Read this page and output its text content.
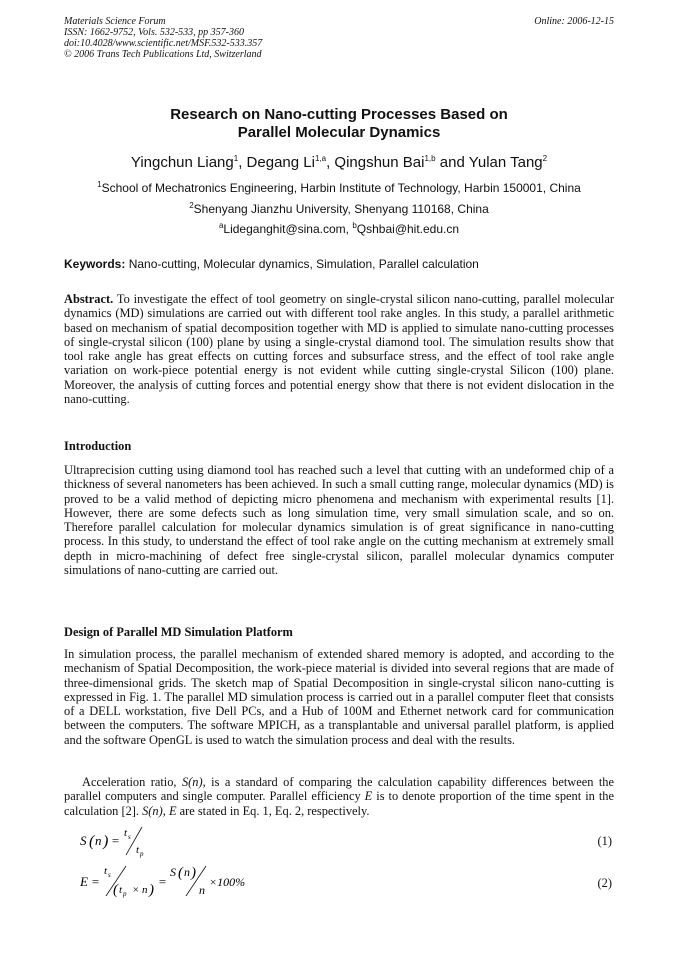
Materials Science Forum
ISSN: 1662-9752, Vols. 532-533, pp 357-360
doi:10.4028/www.scientific.net/MSF.532-533.357
© 2006 Trans Tech Publications Ltd, Switzerland
Online: 2006-12-15
Research on Nano-cutting Processes Based on
Parallel Molecular Dynamics
Yingchun Liang$^1$, Degang Li$^{1,a}$, Qingshun Bai$^{1,b}$ and Yulan Tang$^2$
$^1$School of Mechatronics Engineering, Harbin Institute of Technology, Harbin 150001, China
$^2$Shenyang Jianzhu University, Shenyang 110168, China
$^a$Lideganghit@sina.com, $^b$Qshbai@hit.edu.cn
Keywords: Nano-cutting, Molecular dynamics, Simulation, Parallel calculation
Abstract. To investigate the effect of tool geometry on single-crystal silicon nano-cutting, parallel molecular dynamics (MD) simulations are carried out with different tool rake angles. In this study, a parallel arithmetic based on mechanism of spatial decomposition together with MD is applied to simulate nano-cutting processes of single-crystal silicon (100) plane by using a single-crystal diamond tool. The simulation results show that tool rake angle has great effects on cutting forces and subsurface stress, and the effect of tool rake angle variation on work-piece potential energy is not evident while cutting single-crystal Silicon (100) plane. Moreover, the analysis of cutting forces and potential energy show that there is not evident dislocation in the nano-cutting.
Introduction
Ultraprecision cutting using diamond tool has reached such a level that cutting with an undeformed chip of a thickness of several nanometers has been achieved. In such a small cutting range, molecular dynamics (MD) is proved to be a valid method of depicting micro phenomena and mechanism with experimental results [1]. However, there are some defects such as long simulation time, very small simulation scale, and so on. Therefore parallel calculation for molecular dynamics simulation is of great significance in nano-cutting process. In this study, to understand the effect of tool rake angle on the cutting mechanism at extremely small depth in micro-machining of defect free single-crystal silicon, parallel molecular dynamics computer simulations of nano-cutting are carried out.
Design of Parallel MD Simulation Platform
In simulation process, the parallel mechanism of extended shared memory is adopted, and according to the mechanism of Spatial Decomposition, the work-piece material is divided into several regions that are made of three-dimensional grids. The sketch map of Spatial Decomposition in single-crystal silicon nano-cutting is expressed in Fig. 1. The parallel MD simulation process is carried out in a parallel computer fleet that consists of a DELL workstation, five Dell PCs, and a Hub of 100M and Ethernet network card for communication between the computers. The software MPICH, as a transplantable and universal parallel platform, is applied and the software OpenGL is used to watch the simulation process and deal with the results.
Acceleration ratio, S(n), is a standard of comparing the calculation capability differences between the parallel computers and single computer. Parallel efficiency E is to denote proportion of the time spent in the calculation [2]. S(n), E are stated in Eq. 1, Eq. 2, respectively.
S ( n ) = t s
t p
(1)
E =
t s
( t p × n )
=
S ( n )
n
×100%	(2)
